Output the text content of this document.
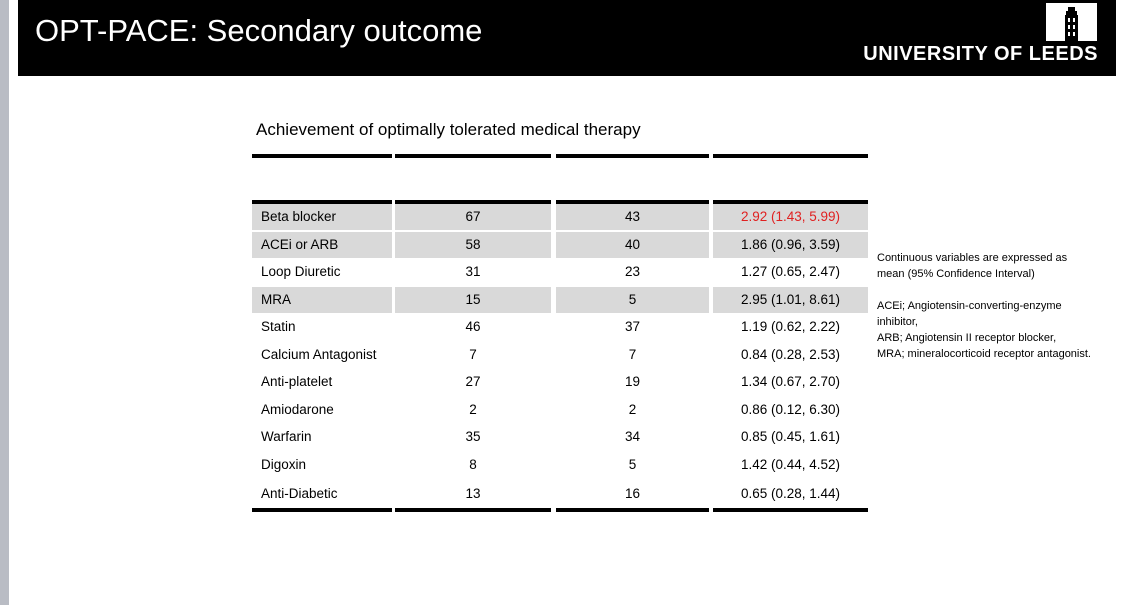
OPT-PACE: Secondary outcome
UNIVERSITY OF LEEDS
Achievement of optimally tolerated medical therapy
Beta blocker	67	43	2.92 (1.43, 5.99)
ACEi or ARB	58	40	1.86 (0.96, 3.59)
Loop Diuretic	31	23	1.27 (0.65, 2.47)
MRA	15	5	2.95 (1.01, 8.61)
Statin	46	37	1.19 (0.62, 2.22)
Calcium Antagonist	7	7	0.84 (0.28, 2.53)
Anti-platelet	27	19	1.34 (0.67, 2.70)
Amiodarone	2	2	0.86 (0.12, 6.30)
Warfarin	35	34	0.85 (0.45, 1.61)
Digoxin	8	5	1.42 (0.44, 4.52)
Anti-Diabetic	13	16	0.65 (0.28, 1.44)

Continuous variables are expressed as mean (95% Confidence Interval)

ACEi; Angiotensin-converting-enzyme inhibitor,

ARB; Angiotensin II receptor blocker,

MRA; mineralocorticoid receptor antagonist.
